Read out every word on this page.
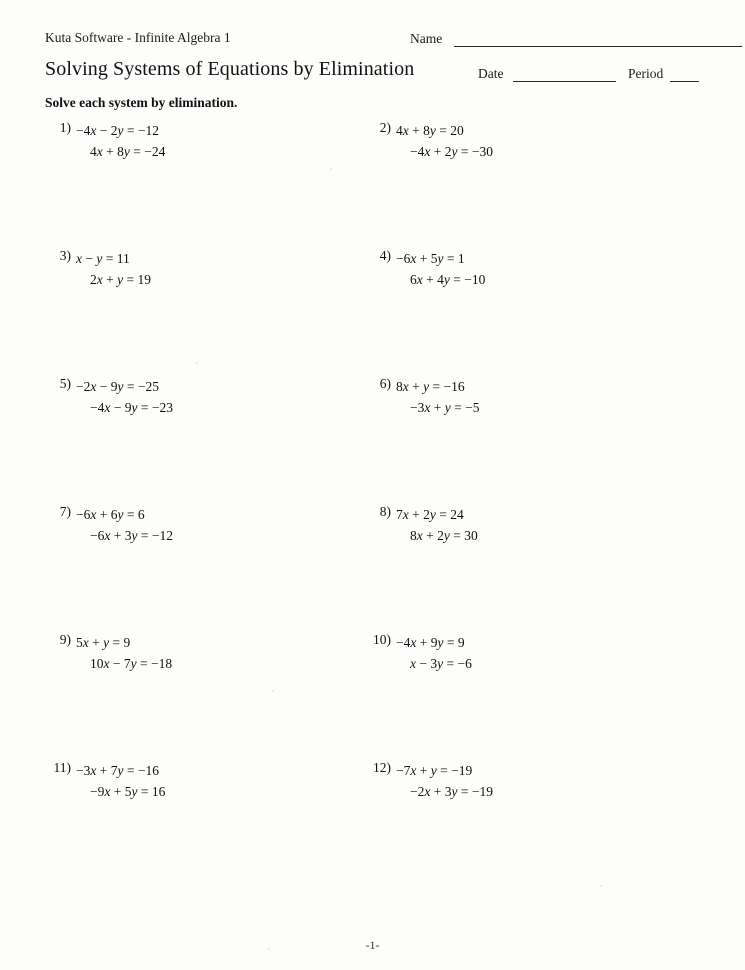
Kuta Software - Infinite Algebra 1	Name
Solving Systems of Equations by Elimination	Date	Period
Solve each system by elimination.
1) −4x − 2y = −12
4x + 8y = −24
2) 4x + 8y = 20
−4x + 2y = −30
3) x − y = 11
2x + y = 19
4) −6x + 5y = 1
6x + 4y = −10
5) −2x − 9y = −25
−4x − 9y = −23
6) 8x + y = −16
−3x + y = −5
7) −6x + 6y = 6
−6x + 3y = −12
8) 7x + 2y = 24
8x + 2y = 30
9) 5x + y = 9
10x − 7y = −18
10) −4x + 9y = 9
x − 3y = −6
11) −3x + 7y = −16
−9x + 5y = 16
12) −7x + y = −19
−2x + 3y = −19
-1-
